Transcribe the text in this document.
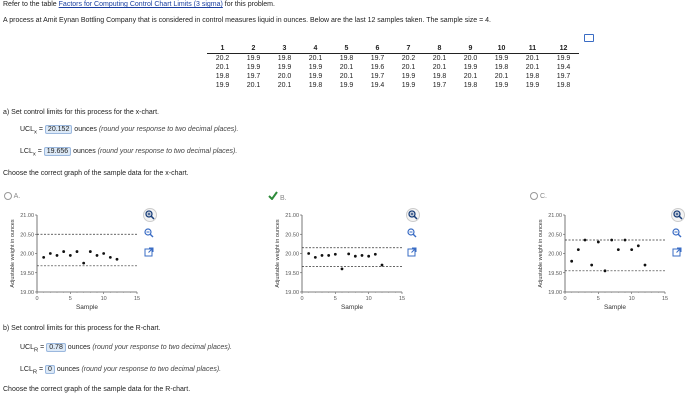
Refer to the table Factors for Computing Control Chart Limits (3 sigma) for this problem.
A process at Amit Eynan Bottling Company that is considered in control measures liquid in ounces. Below are the last 12 samples taken. The sample size = 4.
1	2	3	4	5	6	7	8	9	10	11	12
20.2	19.9	19.8	20.1	19.8	19.7	20.2	20.1	20.0	19.9	20.1	19.9
20.1	19.9	19.9	19.9	20.1	19.6	20.1	20.1	19.9	19.8	20.1	19.4
19.8	19.7	20.0	19.9	20.1	19.7	19.9	19.8	20.1	20.1	19.8	19.7
19.9	20.1	20.1	19.8	19.9	19.4	19.9	19.7	19.8	19.9	19.9	19.8
a) Set control limits for this process for the x-chart.
$UCL_x = 20.152$ ounces (round your response to two decimal places).
$LCL_x = 19.656$ ounces (round your response to two decimal places).
Choose the correct graph of the sample data for the x-chart.
A.	B.	C.
21.00
20.50
20.00
19.50
19.00
0	5	10	15
Sample
Adjustable weight in ounces
21.00
20.50
20.00
19.50
19.00
0	5	10	15
Sample
Adjustable weight in ounces
21.00
20.50
20.00
19.50
19.00
0	5	10	15
Sample
Adjustable weight in ounces
b) Set control limits for this process for the R-chart.
$UCL_R = 0.78$ ounces (round your response to two decimal places).
$LCL_R = 0$ ounces (round your response to two decimal places).
Choose the correct graph of the sample data for the R-chart.
